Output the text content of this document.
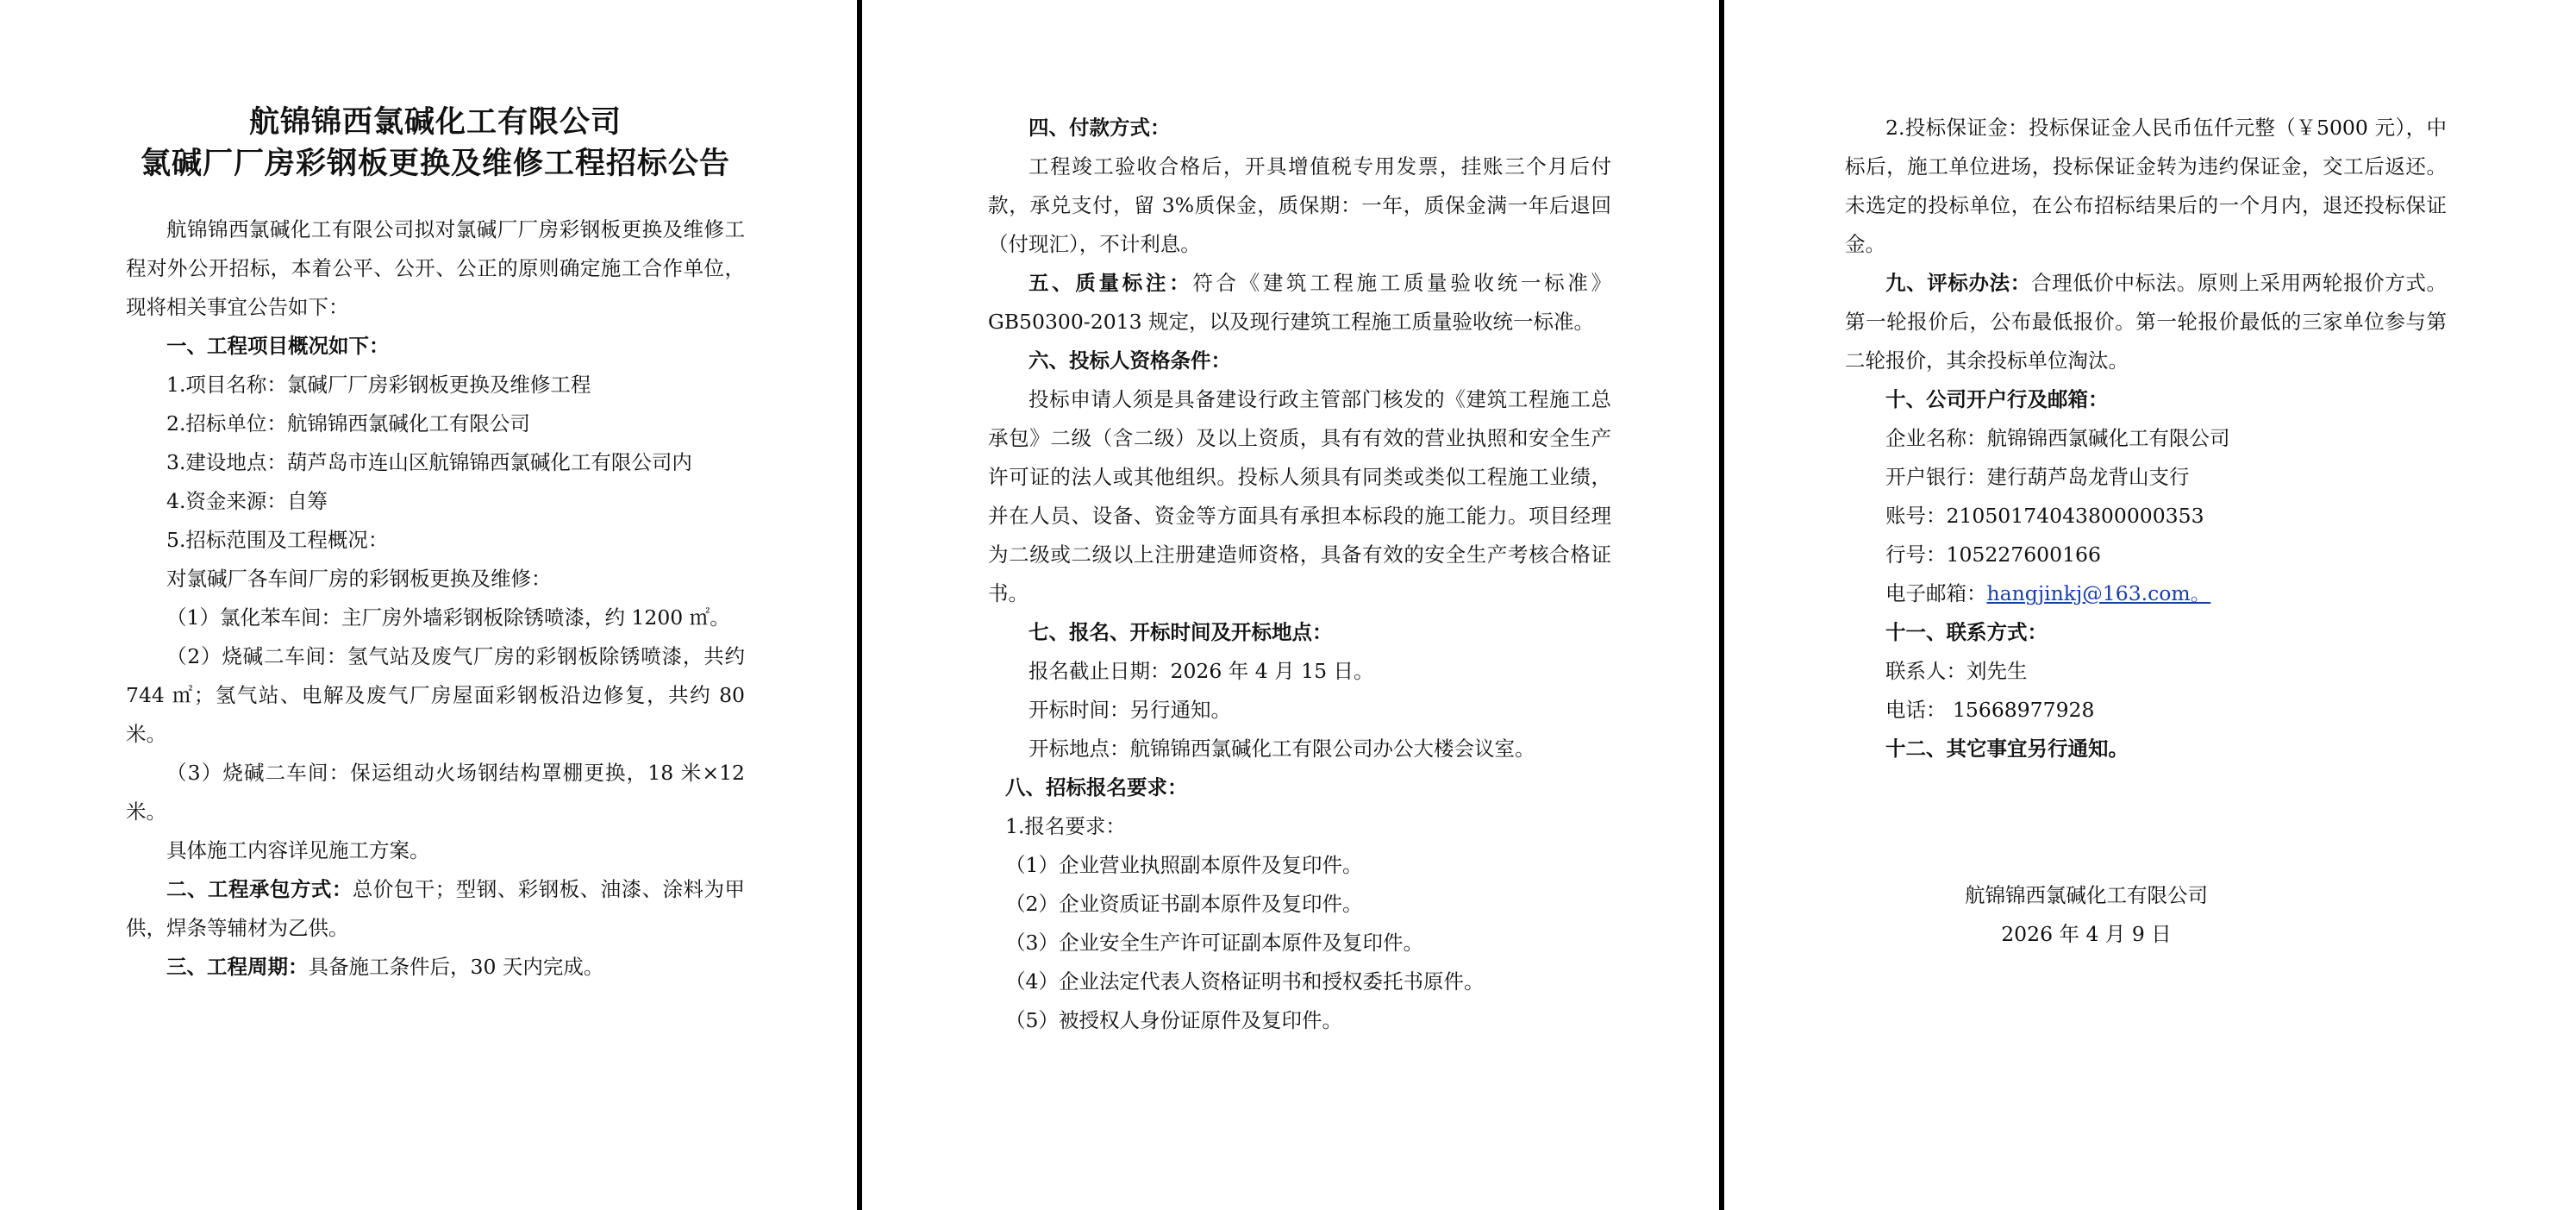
航锦锦西氯碱化工有限公司

氯碱厂厂房彩钢板更换及维修工程招标公告

航锦锦西氯碱化工有限公司拟对氯碱厂厂房彩钢板更换及维修工程对外公开招标，本着公平、公开、公正的原则确定施工合作单位，现将相关事宜公告如下：

一、工程项目概况如下：

1.项目名称：氯碱厂厂房彩钢板更换及维修工程

2.招标单位：航锦锦西氯碱化工有限公司

3.建设地点：葫芦岛市连山区航锦锦西氯碱化工有限公司内

4.资金来源：自筹

5.招标范围及工程概况：

对氯碱厂各车间厂房的彩钢板更换及维修：

（1）氯化苯车间：主厂房外墙彩钢板除锈喷漆，约 1200 ㎡。

（2）烧碱二车间：氢气站及废气厂房的彩钢板除锈喷漆，共约 744 ㎡；氢气站、电解及废气厂房屋面彩钢板沿边修复，共约 80 米。

（3）烧碱二车间：保运组动火场钢结构罩棚更换，18 米×12 米。

具体施工内容详见施工方案。

二、工程承包方式：总价包干；型钢、彩钢板、油漆、涂料为甲供，焊条等辅材为乙供。

三、工程周期：具备施工条件后，30 天内完成。

四、付款方式：

工程竣工验收合格后，开具增值税专用发票，挂账三个月后付款，承兑支付，留 3%质保金，质保期：一年，质保金满一年后退回（付现汇），不计利息。

五、质量标注：符合《建筑工程施工质量验收统一标准》GB50300-2013 规定，以及现行建筑工程施工质量验收统一标准。

六、投标人资格条件：

投标申请人须是具备建设行政主管部门核发的《建筑工程施工总承包》二级（含二级）及以上资质，具有有效的营业执照和安全生产许可证的法人或其他组织。投标人须具有同类或类似工程施工业绩，并在人员、设备、资金等方面具有承担本标段的施工能力。项目经理为二级或二级以上注册建造师资格，具备有效的安全生产考核合格证书。

七、报名、开标时间及开标地点：

报名截止日期：2026 年 4 月 15 日。

开标时间：另行通知。

开标地点：航锦锦西氯碱化工有限公司办公大楼会议室。

八、招标报名要求：

1.报名要求：

（1）企业营业执照副本原件及复印件。

（2）企业资质证书副本原件及复印件。

（3）企业安全生产许可证副本原件及复印件。

（4）企业法定代表人资格证明书和授权委托书原件。

（5）被授权人身份证原件及复印件。

2.投标保证金：投标保证金人民币伍仟元整（￥5000 元），中标后，施工单位进场，投标保证金转为违约保证金，交工后返还。未选定的投标单位，在公布招标结果后的一个月内，退还投标保证金。

九、评标办法：合理低价中标法。原则上采用两轮报价方式。第一轮报价后，公布最低报价。第一轮报价最低的三家单位参与第二轮报价，其余投标单位淘汰。

十、公司开户行及邮箱：

企业名称：航锦锦西氯碱化工有限公司

开户银行：建行葫芦岛龙背山支行

账号：21050174043800000353

行号：105227600166

电子邮箱：hangjinkj@163.com。

十一、联系方式：

联系人：刘先生

电话： 15668977928

十二、其它事宜另行通知。

航锦锦西氯碱化工有限公司

2026 年 4 月 9 日
